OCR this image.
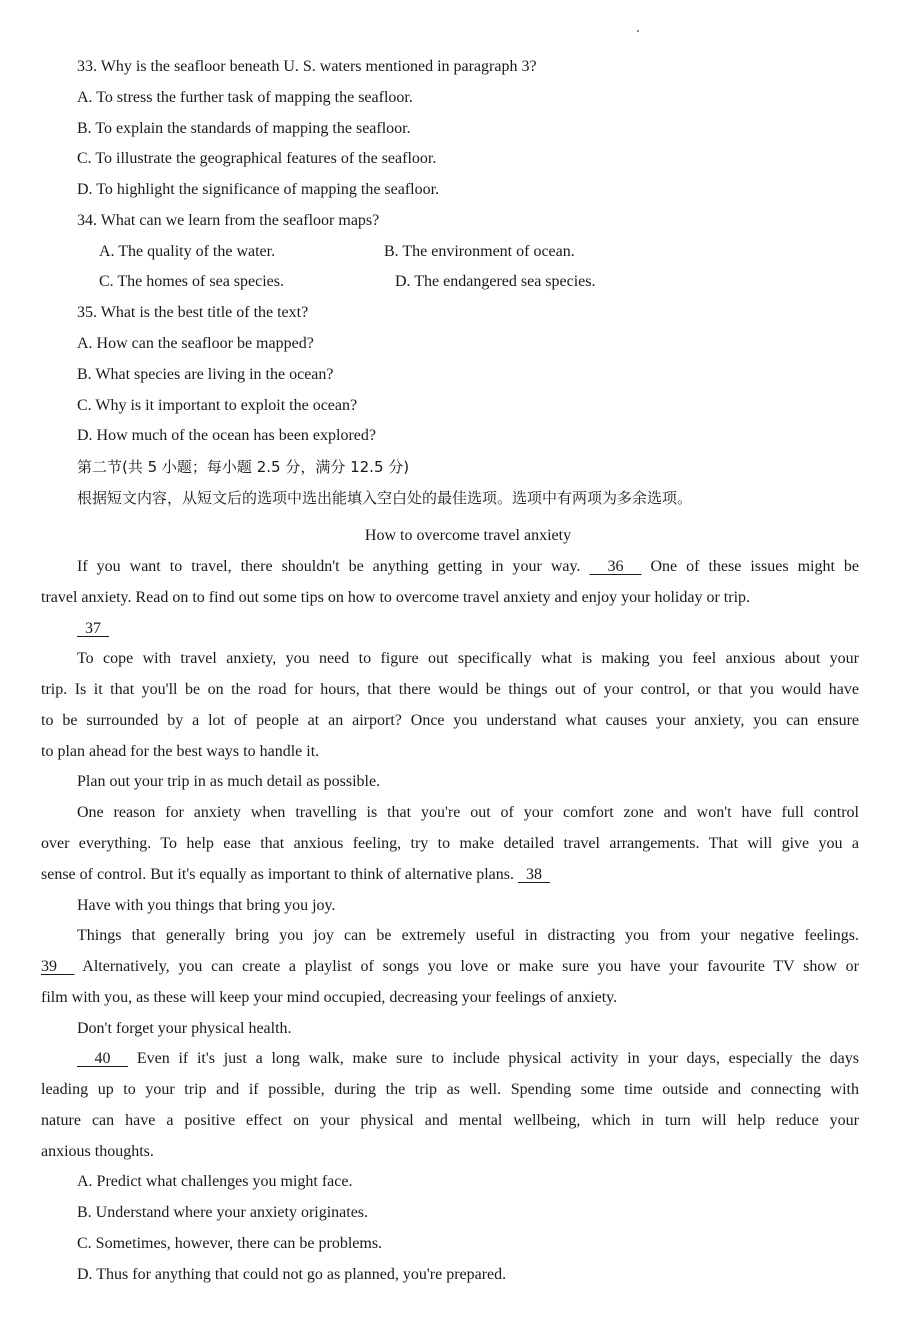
33. Why is the seafloor beneath U. S. waters mentioned in paragraph 3?
A. To stress the further task of mapping the seafloor.
B. To explain the standards of mapping the seafloor.
C. To illustrate the geographical features of the seafloor.
D. To highlight the significance of mapping the seafloor.
34. What can we learn from the seafloor maps?
A. The quality of the water.	B. The environment of ocean.
C. The homes of sea species.	D. The endangered sea species.
35. What is the best title of the text?
A. How can the seafloor be mapped?
B. What species are living in the ocean?
C. Why is it important to exploit the ocean?
D. How much of the ocean has been explored?
第二节(共 5 小题；每小题 2.5 分，满分 12.5 分)
根据短文内容，从短文后的选项中选出能填入空白处的最佳选项。选项中有两项为多余选项。
How to overcome travel anxiety
If you want to travel, there shouldn't be anything getting in your way.   36   One of these issues might be
travel anxiety. Read on to find out some tips on how to overcome travel anxiety and enjoy your holiday or trip.
37
To cope with travel anxiety, you need to figure out specifically what is making you feel anxious about your
trip. Is it that you'll be on the road for hours, that there would be things out of your control, or that you would have
to be surrounded by a lot of people at an airport? Once you understand what causes your anxiety, you can ensure
to plan ahead for the best ways to handle it.
Plan out your trip in as much detail as possible.
One reason for anxiety when travelling is that you're out of your comfort zone and won't have full control
over everything. To help ease that anxious feeling, try to make detailed travel arrangements. That will give you a
sense of control. But it's equally as important to think of alternative plans.   38
Have with you things that bring you joy.
Things that generally bring you joy can be extremely useful in distracting you from your negative feelings.
39   Alternatively, you can create a playlist of songs you love or make sure you have your favourite TV show or
film with you, as these will keep your mind occupied, decreasing your feelings of anxiety.
Don't forget your physical health.
40   Even if it's just a long walk, make sure to include physical activity in your days, especially the days
leading up to your trip and if possible, during the trip as well. Spending some time outside and connecting with
nature can have a positive effect on your physical and mental wellbeing, which in turn will help reduce your
anxious thoughts.
A. Predict what challenges you might face.
B. Understand where your anxiety originates.
C. Sometimes, however, there can be problems.
D. Thus for anything that could not go as planned, you're prepared.
